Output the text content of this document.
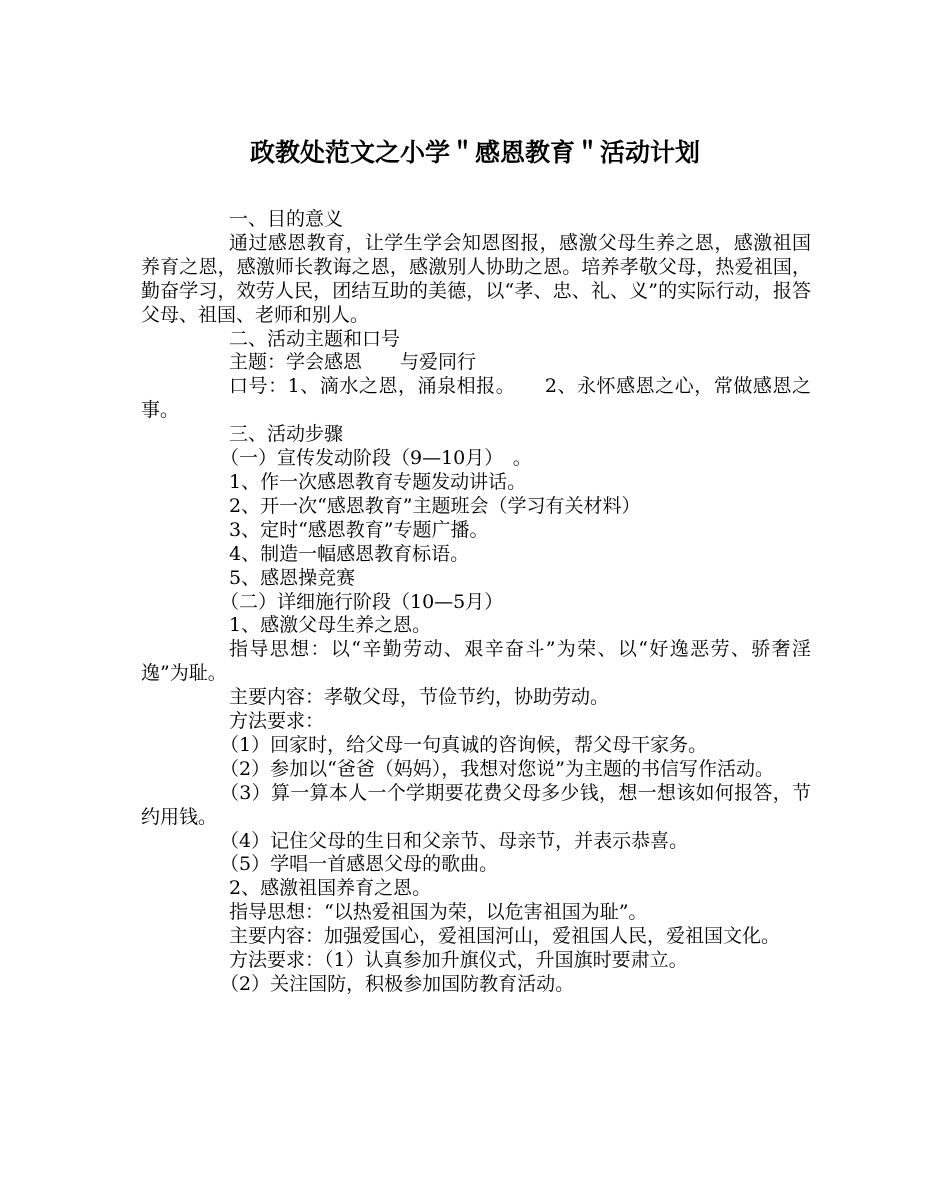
政教处范文之小学＂感恩教育＂活动计划

一、目的意义

通过感恩教育，让学生学会知恩图报，感激父母生养之恩，感激祖国养育之恩，感激师长教诲之恩，感激别人协助之恩。培养孝敬父母，热爱祖国，勤奋学习，效劳人民，团结互助的美德，以“孝、忠、礼、义”的实际行动，报答父母、祖国、老师和别人。

二、活动主题和口号

主题：学会感恩　　与爱同行

口号：1、滴水之恩，涌泉相报。　　2、永怀感恩之心，常做感恩之事。

三、活动步骤

（一）宣传发动阶段（9—10月）　。

1、作一次感恩教育专题发动讲话。

2、开一次“感恩教育”主题班会（学习有关材料）

3、定时“感恩教育”专题广播。

4、制造一幅感恩教育标语。

5、感恩操竞赛

（二）详细施行阶段（10—5月）

1、感激父母生养之恩。

指导思想：以“辛勤劳动、艰辛奋斗”为荣、以“好逸恶劳、骄奢淫逸”为耻。

主要内容：孝敬父母，节俭节约，协助劳动。

方法要求：

（1）回家时，给父母一句真诚的咨询候，帮父母干家务。

（2）参加以“爸爸（妈妈），我想对您说”为主题的书信写作活动。

（3）算一算本人一个学期要花费父母多少钱，想一想该如何报答，节约用钱。

（4）记住父母的生日和父亲节、母亲节，并表示恭喜。

（5）学唱一首感恩父母的歌曲。

2、感激祖国养育之恩。

指导思想：“以热爱祖国为荣，以危害祖国为耻”。

主要内容：加强爱国心，爱祖国河山，爱祖国人民，爱祖国文化。

方法要求：（1）认真参加升旗仪式，升国旗时要肃立。

（2）关注国防，积极参加国防教育活动。
